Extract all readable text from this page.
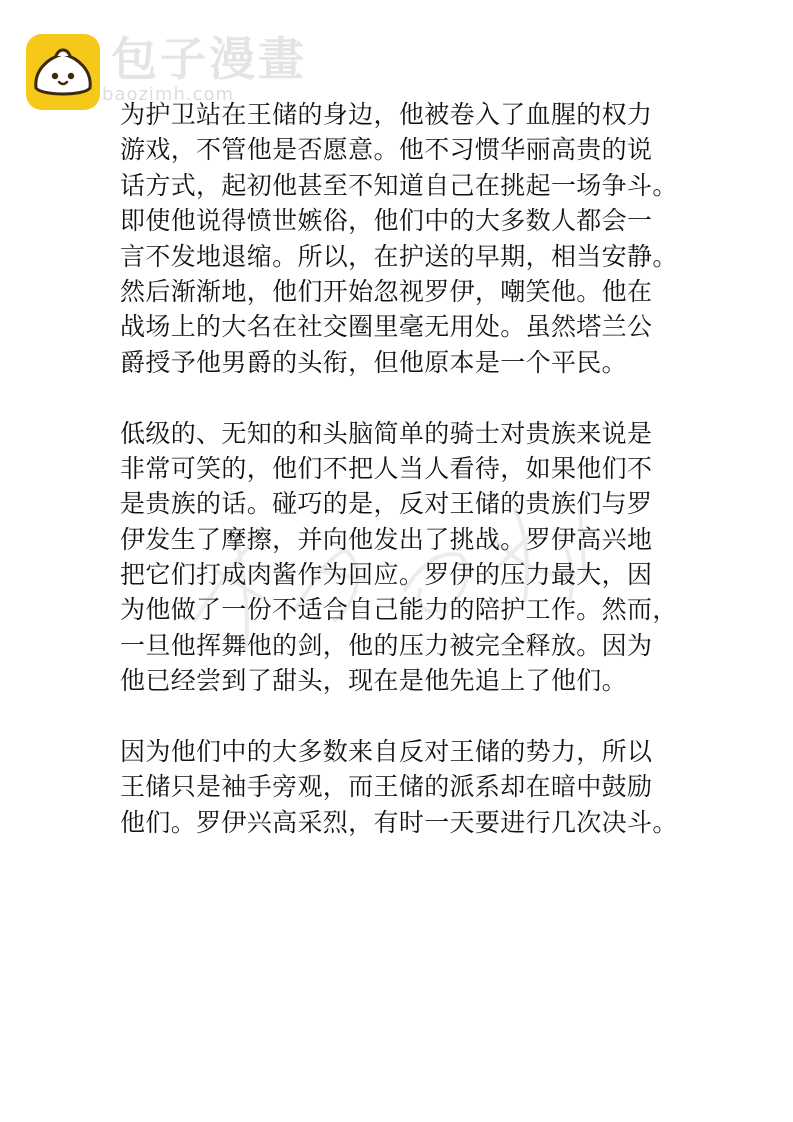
包子漫畫
baozimh.com
为护卫站在王储的身边，他被卷入了血腥的权力
游戏，不管他是否愿意。他不习惯华丽高贵的说
话方式，起初他甚至不知道自己在挑起一场争斗。
即使他说得愤世嫉俗，他们中的大多数人都会一
言不发地退缩。所以，在护送的早期，相当安静。
然后渐渐地，他们开始忽视罗伊，嘲笑他。他在
战场上的大名在社交圈里毫无用处。虽然塔兰公
爵授予他男爵的头衔，但他原本是一个平民。
低级的、无知的和头脑简单的骑士对贵族来说是
非常可笑的，他们不把人当人看待，如果他们不
是贵族的话。碰巧的是，反对王储的贵族们与罗
伊发生了摩擦，并向他发出了挑战。罗伊高兴地
把它们打成肉酱作为回应。罗伊的压力最大，因
为他做了一份不适合自己能力的陪护工作。然而，
一旦他挥舞他的剑，他的压力被完全释放。因为
他已经尝到了甜头，现在是他先追上了他们。
因为他们中的大多数来自反对王储的势力，所以
王储只是袖手旁观，而王储的派系却在暗中鼓励
他们。罗伊兴高采烈，有时一天要进行几次决斗。
